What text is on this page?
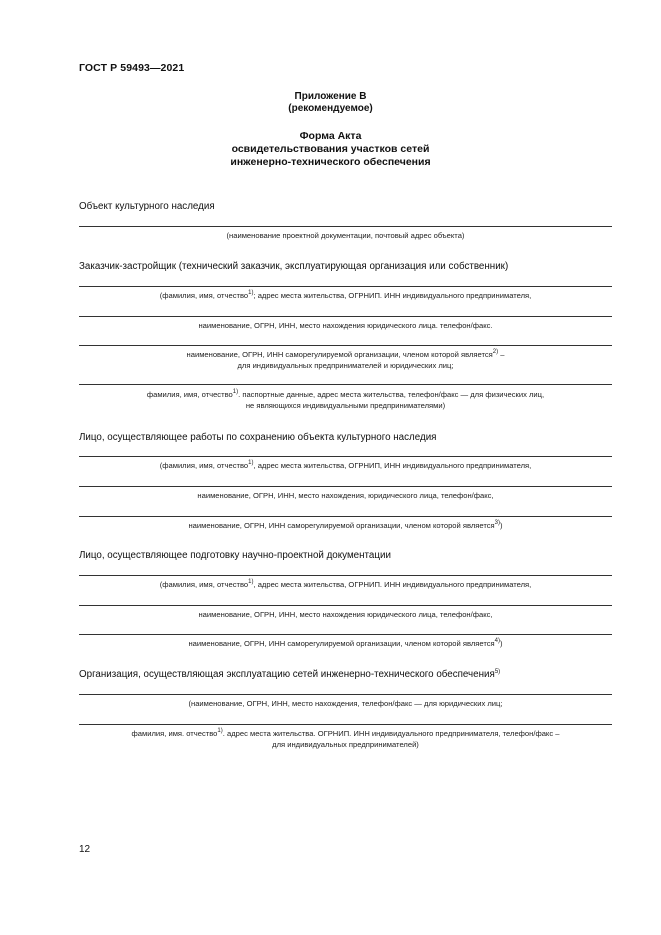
ГОСТ Р 59493—2021
Приложение В
(рекомендуемое)
Форма Акта
освидетельствования участков сетей
инженерно-технического обеспечения
Объект культурного наследия
(наименование проектной документации, почтовый адрес объекта)
Заказчик-застройщик (технический заказчик, эксплуатирующая организация или собственник)
(фамилия, имя, отчество$^{1)}$; адрес места жительства, ОГРНИП. ИНН индивидуального предпринимателя,
наименование, ОГРН, ИНН, место нахождения юридического лица. телефон/факс.
наименование, ОГРН, ИНН саморегулируемой организации, членом которой является$^{2)}$ –
для индивидуальных предпринимателей и юридических лиц;
фамилия, имя, отчество$^{1)}$. паспортные данные, адрес места жительства, телефон/факс — для физических лиц,
не являющихся индивидуальными предпринимателями)
Лицо, осуществляющее работы по сохранению объекта культурного наследия
(фамилия, имя, отчество$^{1)}$, адрес места жительства, ОГРНИП, ИНН индивидуального предпринимателя,
наименование, ОГРН, ИНН, место нахождения, юридического лица, телефон/факс,
наименование, ОГРН, ИНН саморегулируемой организации, членом которой является$^{3)}$)
Лицо, осуществляющее подготовку научно-проектной документации
(фамилия, имя, отчество$^{1)}$, адрес места жительства, ОГРНИП. ИНН индивидуального предпринимателя,
наименование, ОГРН, ИНН, место нахождения юридического лица, телефон/факс,
наименование, ОГРН, ИНН саморегулируемой организации, членом которой является$^{4)}$)
Организация, осуществляющая эксплуатацию сетей инженерно-технического обеспечения$^{5)}$
(наименование, ОГРН, ИНН, место нахождения, телефон/факс — для юридических лиц;
фамилия, имя. отчество$^{1)}$. адрес места жительства. ОГРНИП. ИНН индивидуального предпринимателя, телефон/факс –
для индивидуальных предпринимателей)
12
